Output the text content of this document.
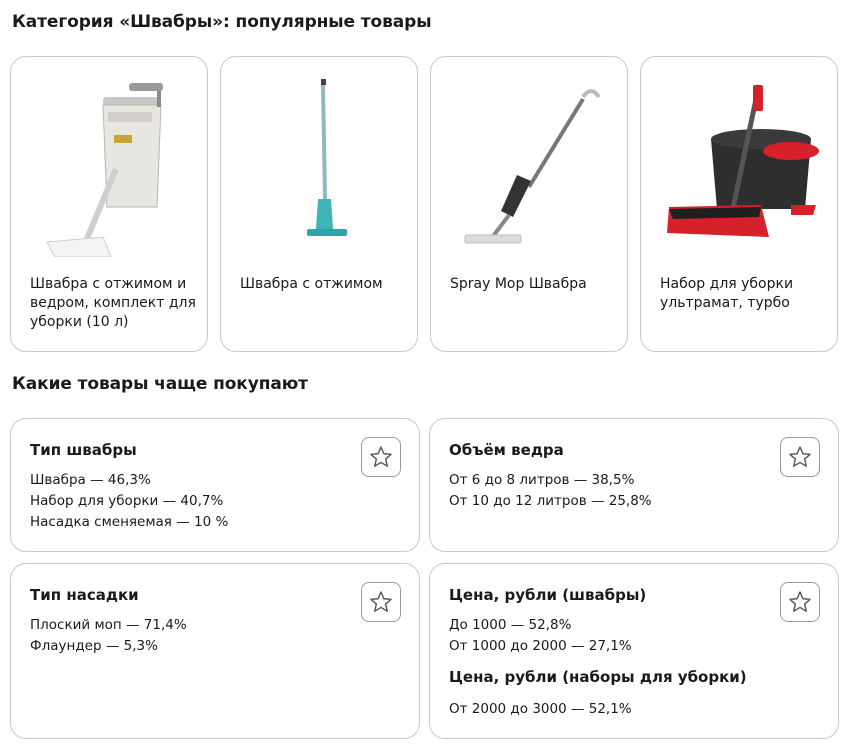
Категория «Швабры»: популярные товары
Швабра с отжимом и ведром, комплект для уборки (10 л)
Швабра с отжимом	Spray Мор Швабра	Набор для уборки ультрамат, турбо
Какие товары чаще покупают
Тип швабры
Швабра — 46,3%
Набор для уборки — 40,7%
Насадка сменяемая — 10 %
Объём ведра
От 6 до 8 литров — 38,5%
От 10 до 12 литров — 25,8%
Тип насадки
Плоский моп — 71,4%
Флаундер — 5,3%
Цена, рубли (швабры)
До 1000 — 52,8%
От 1000 до 2000 — 27,1%
Цена, рубли (наборы для уборки)
От 2000 до 3000 — 52,1%
